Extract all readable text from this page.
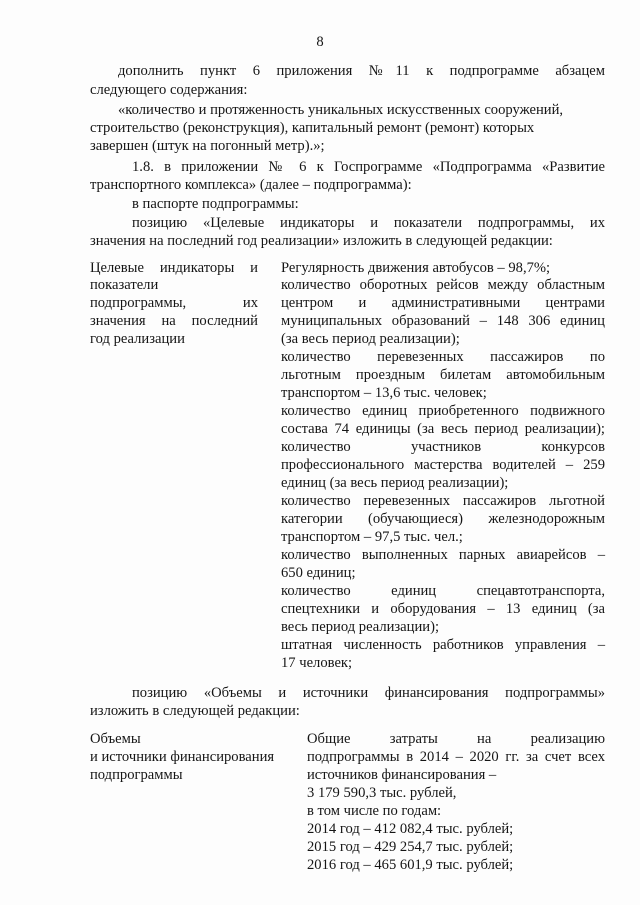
8
дополнить пункт 6 приложения №11 к подпрограмме абзацем
следующего содержания:
«количество и протяженность уникальных искусственных сооружений,
строительство (реконструкция), капитальный ремонт (ремонт) которых
завершен (штук на погонный метр).»;
1.8. в приложении № 6 к Госпрограмме «Подпрограмма «Развитие
транспортного комплекса» (далее – подпрограмма):
в паспорте подпрограммы:
позицию «Целевые индикаторы и показатели подпрограммы, их
значения на последний год реализации» изложить в следующей редакции:
Целевые индикаторы и
показатели
подпрограммы, их
значения на последний
год реализации
Регулярность движения автобусов – 98,7%;
количество оборотных рейсов между областным
центром и административными центрами
муниципальных образований – 148 306 единиц
(за весь период реализации);
количество перевезенных пассажиров по
льготным проездным билетам автомобильным
транспортом – 13,6 тыс. человек;
количество единиц приобретенного подвижного
состава 74 единицы (за весь период реализации);
количество участников конкурсов
профессионального мастерства водителей – 259
единиц (за весь период реализации);
количество перевезенных пассажиров льготной
категории (обучающиеся) железнодорожным
транспортом – 97,5 тыс. чел.;
количество выполненных парных авиарейсов –
650 единиц;
количество единиц спецавтотранспорта,
спецтехники и оборудования – 13 единиц (за
весь период реализации);
штатная численность работников управления –
17 человек;
позицию «Объемы и источники финансирования подпрограммы»
изложить в следующей редакции:
Объемы
и источники финансирования
подпрограммы
Общие затраты на реализацию
подпрограммы в 2014 – 2020 гг. за счет всех
источников финансирования –
3 179 590,3 тыс. рублей,
в том числе по годам:
2014 год – 412 082,4 тыс. рублей;
2015 год – 429 254,7 тыс. рублей;
2016 год – 465 601,9 тыс. рублей;
